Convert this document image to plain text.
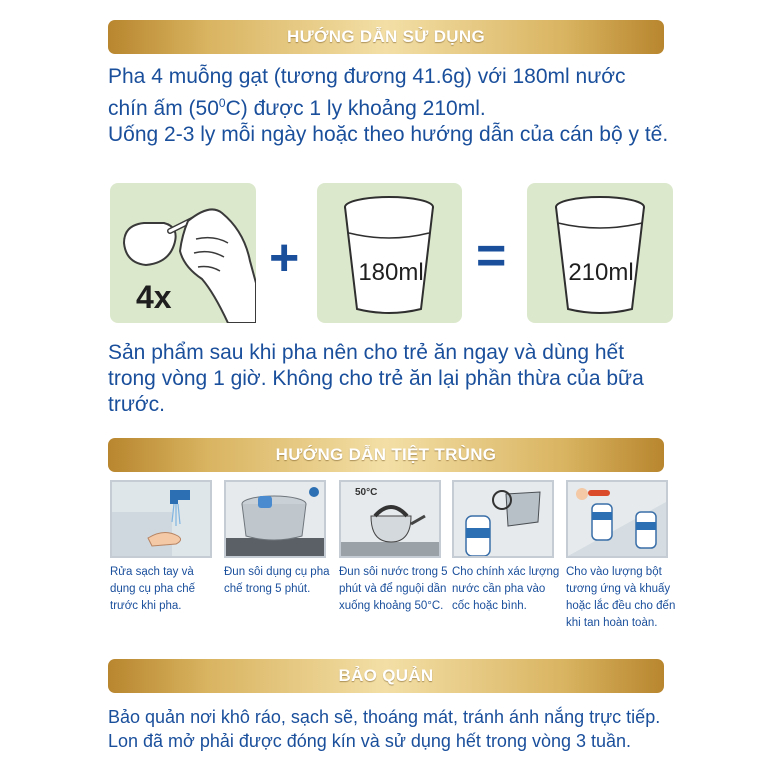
HƯỚNG DẪN SỬ DỤNG

Pha 4 muỗng gạt (tương đương 41.6g) với 180ml nước
chín ấm $(50^0C)$ được 1 ly khoảng 210ml.
Uống 2-3 ly mỗi ngày hoặc theo hướng dẫn của cán bộ y tế.

4x
+	180ml =	210ml

Sản phẩm sau khi pha nên cho trẻ ăn ngay và dùng hết trong vòng 1 giờ. Không cho trẻ ăn lại phần thừa của bữa trước.

HƯỚNG DẪN TIỆT TRÙNG

Rửa sạch tay và dụng cụ pha chế trước khi pha.

Đun sôi dụng cụ pha chế trong 5 phút.

50°C

Đun sôi nước trong 5 phút và để nguội dần xuống khoảng 50°C.

Cho chính xác lượng nước cần pha vào cốc hoặc bình.

Cho vào lượng bột tương ứng và khuấy hoặc lắc đều cho đến khi tan hoàn toàn.

BẢO QUẢN

Bảo quản nơi khô ráo, sạch sẽ, thoáng mát, tránh ánh nắng trực tiếp.
Lon đã mở phải được đóng kín và sử dụng hết trong vòng 3 tuần.
